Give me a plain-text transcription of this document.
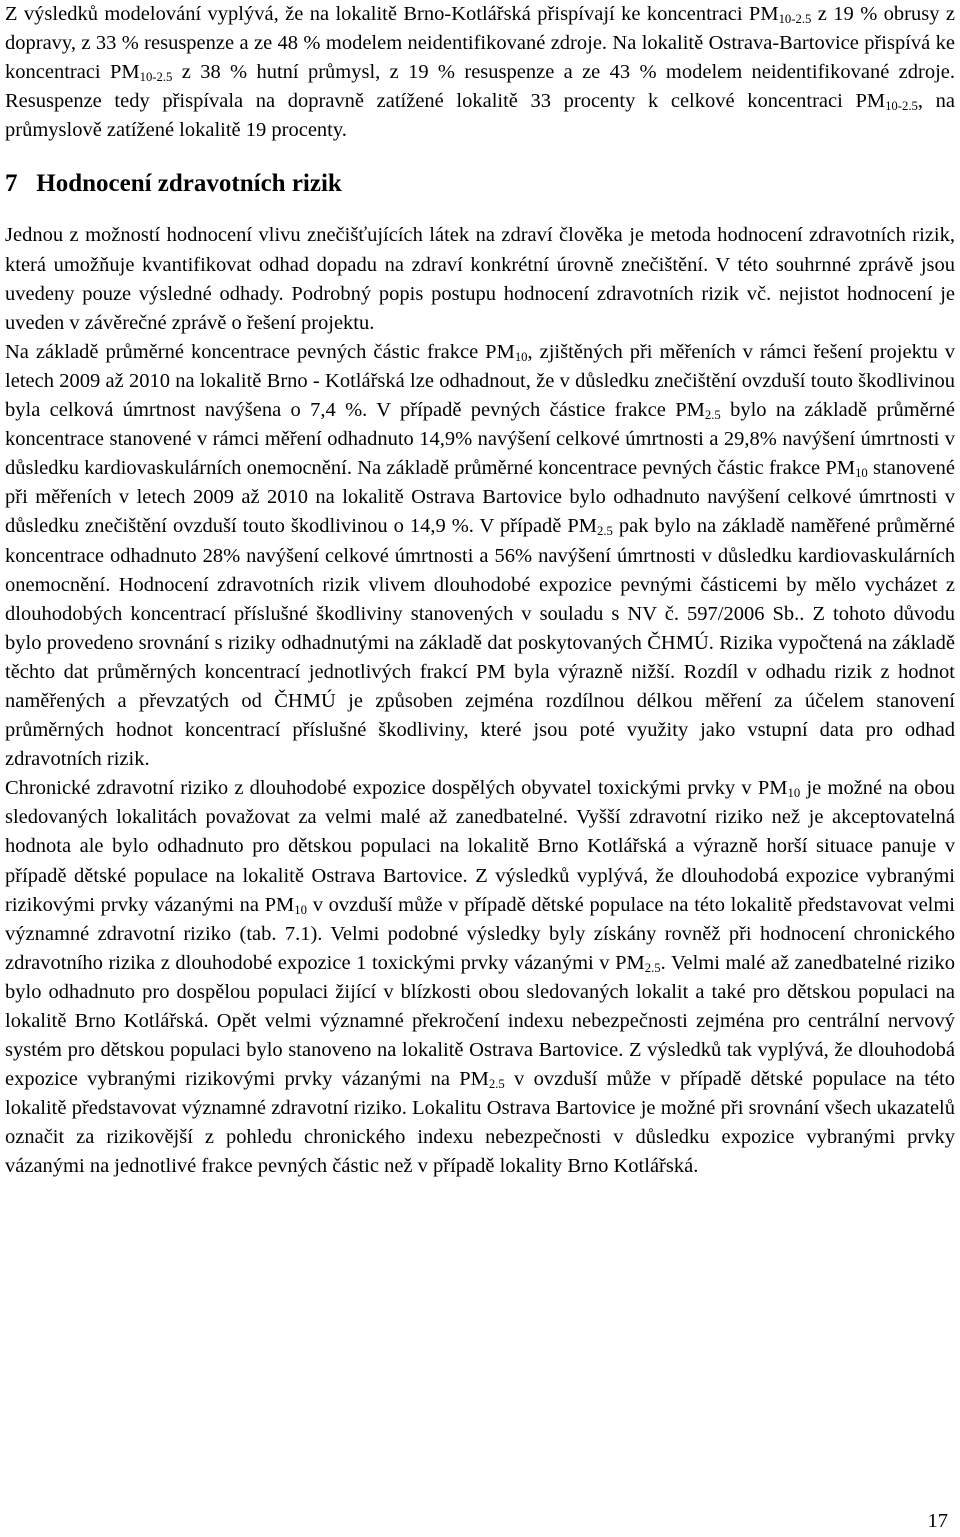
Z výsledků modelování vyplývá, že na lokalitě Brno-Kotlářská přispívají ke koncentraci $PM_{10-2.5}$ z 19 % obrusy z dopravy, z 33 % resuspenze a ze 48 % modelem neidentifikované zdroje. Na lokalitě Ostrava-Bartovice přispívá ke koncentraci $PM_{10-2.5}$ z 38 % hutní průmysl, z 19 % resuspenze a ze 43 % modelem neidentifikované zdroje. Resuspenze tedy přispívala na dopravně zatížené lokalitě 33 procenty k celkové koncentraci $PM_{10-2.5}$, na průmyslově zatížené lokalitě 19 procenty.

7 Hodnocení zdravotních rizik

Jednou z možností hodnocení vlivu znečišťujících látek na zdraví člověka je metoda hodnocení zdravotních rizik, která umožňuje kvantifikovat odhad dopadu na zdraví konkrétní úrovně znečištění. V této souhrnné zprávě jsou uvedeny pouze výsledné odhady. Podrobný popis postupu hodnocení zdravotních rizik vč. nejistot hodnocení je uveden v závěrečné zprávě o řešení projektu.

Na základě průměrné koncentrace pevných částic frakce $PM_{10}$, zjištěných při měřeních v rámci řešení projektu v letech 2009 až 2010 na lokalitě Brno - Kotlářská lze odhadnout, že v důsledku znečištění ovzduší touto škodlivinou byla celková úmrtnost navýšena o 7,4 %. V případě pevných částice frakce $PM_{2.5}$ bylo na základě průměrné koncentrace stanovené v rámci měření odhadnuto 14,9% navýšení celkové úmrtnosti a 29,8% navýšení úmrtnosti v důsledku kardiovaskulárních onemocnění. Na základě průměrné koncentrace pevných částic frakce $PM_{10}$ stanovené při měřeních v letech 2009 až 2010 na lokalitě Ostrava Bartovice bylo odhadnuto navýšení celkové úmrtnosti v důsledku znečištění ovzduší touto škodlivinou o 14,9 %. V případě $PM_{2.5}$ pak bylo na základě naměřené průměrné koncentrace odhadnuto 28% navýšení celkové úmrtnosti a 56% navýšení úmrtnosti v důsledku kardiovaskulárních onemocnění. Hodnocení zdravotních rizik vlivem dlouhodobé expozice pevnými částicemi by mělo vycházet z dlouhodobých koncentrací příslušné škodliviny stanovených v souladu s NV č. 597/2006 Sb.. Z tohoto důvodu bylo provedeno srovnání s riziky odhadnutými na základě dat poskytovaných ČHMÚ. Rizika vypočtená na základě těchto dat průměrných koncentrací jednotlivých frakcí PM byla výrazně nižší. Rozdíl v odhadu rizik z hodnot naměřených a převzatých od ČHMÚ je způsoben zejména rozdílnou délkou měření za účelem stanovení průměrných hodnot koncentrací příslušné škodliviny, které jsou poté využity jako vstupní data pro odhad zdravotních rizik.

Chronické zdravotní riziko z dlouhodobé expozice dospělých obyvatel toxickými prvky v $PM_{10}$ je možné na obou sledovaných lokalitách považovat za velmi malé až zanedbatelné. Vyšší zdravotní riziko než je akceptovatelná hodnota ale bylo odhadnuto pro dětskou populaci na lokalitě Brno Kotlářská a výrazně horší situace panuje v případě dětské populace na lokalitě Ostrava Bartovice. Z výsledků vyplývá, že dlouhodobá expozice vybranými rizikovými prvky vázanými na $PM_{10}$ v ovzduší může v případě dětské populace na této lokalitě představovat velmi významné zdravotní riziko (tab. 7.1). Velmi podobné výsledky byly získány rovněž při hodnocení chronického zdravotního rizika z dlouhodobé expozice 1 toxickými prvky vázanými v $PM_{2.5}$. Velmi malé až zanedbatelné riziko bylo odhadnuto pro dospělou populaci žijící v blízkosti obou sledovaných lokalit a také pro dětskou populaci na lokalitě Brno Kotlářská. Opět velmi významné překročení indexu nebezpečnosti zejména pro centrální nervový systém pro dětskou populaci bylo stanoveno na lokalitě Ostrava Bartovice. Z výsledků tak vyplývá, že dlouhodobá expozice vybranými rizikovými prvky vázanými na $PM_{2.5}$ v ovzduší může v případě dětské populace na této lokalitě představovat významné zdravotní riziko. Lokalitu Ostrava Bartovice je možné při srovnání všech ukazatelů označit za rizikovější z pohledu chronického indexu nebezpečnosti v důsledku expozice vybranými prvky vázanými na jednotlivé frakce pevných částic než v případě lokality Brno Kotlářská.

17
